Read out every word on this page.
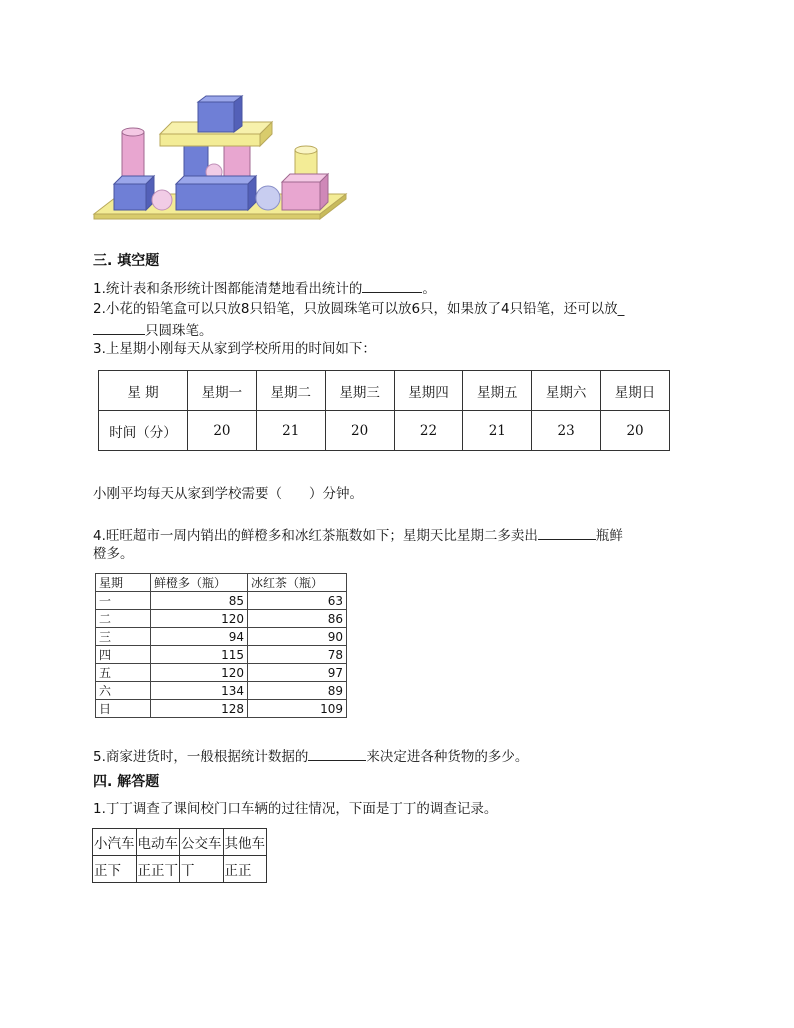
三. 填空题
1.统计表和条形统计图都能清楚地看出统计的	。
2.小花的铅笔盒可以只放8只铅笔，只放圆珠笔可以放6只，如果放了4只铅笔，还可以放_
只圆珠笔。
3.上星期小刚每天从家到学校所用的时间如下：
星 期	星期一	星期二	星期三	星期四	星期五	星期六	星期日
时间（分）	20	21	20	22	21	23	20
小刚平均每天从家到学校需要（　　）分钟。
4.旺旺超市一周内销出的鲜橙多和冰红茶瓶数如下；星期天比星期二多卖出	瓶鲜
橙多。
星期	鲜橙多（瓶）	冰红茶（瓶）
一	85	63
二	120	86
三	94	90
四	115	78
五	120	97
六	134	89
日	128	109
5.商家进货时，一般根据统计数据的	来决定进各种货物的多少。
四. 解答题
1.丁丁调查了课间校门口车辆的过往情况，下面是丁丁的调查记录。
小汽车	电动车	公交车	其他车
正下	正正丅	丅	正正
